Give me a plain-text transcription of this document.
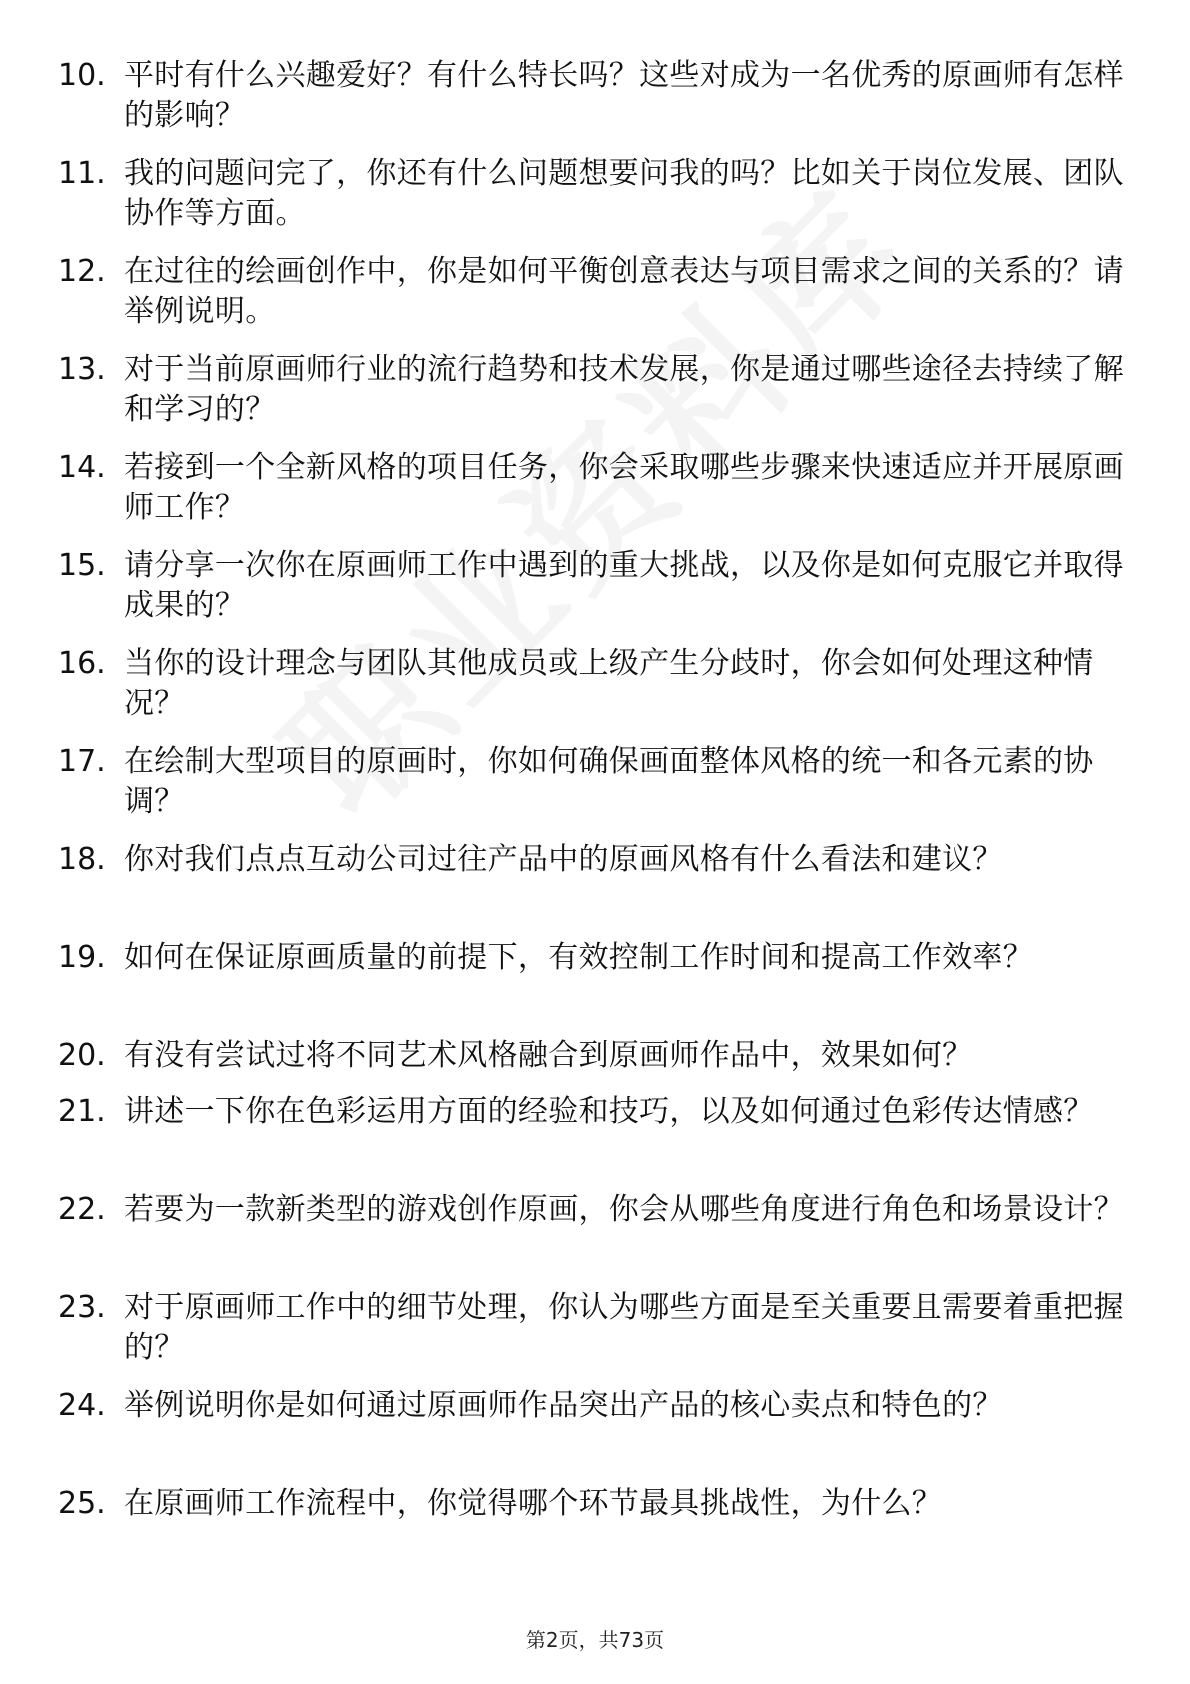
10. 平时有什么兴趣爱好？有什么特长吗？这些对成为一名优秀的原画师有怎样的影响？
11. 我的问题问完了，你还有什么问题想要问我的吗？比如关于岗位发展、团队协作等方面。
12. 在过往的绘画创作中，你是如何平衡创意表达与项目需求之间的关系的？请举例说明。
13. 对于当前原画师行业的流行趋势和技术发展，你是通过哪些途径去持续了解和学习的？
14. 若接到一个全新风格的项目任务，你会采取哪些步骤来快速适应并开展原画师工作？
15. 请分享一次你在原画师工作中遇到的重大挑战，以及你是如何克服它并取得成果的？
16. 当你的设计理念与团队其他成员或上级产生分歧时，你会如何处理这种情况？
17. 在绘制大型项目的原画时，你如何确保画面整体风格的统一和各元素的协调？
18. 你对我们点点互动公司过往产品中的原画风格有什么看法和建议？
19. 如何在保证原画质量的前提下，有效控制工作时间和提高工作效率？
20. 有没有尝试过将不同艺术风格融合到原画师作品中，效果如何？
21. 讲述一下你在色彩运用方面的经验和技巧，以及如何通过色彩传达情感？
22. 若要为一款新类型的游戏创作原画，你会从哪些角度进行角色和场景设计？
23. 对于原画师工作中的细节处理，你认为哪些方面是至关重要且需要着重把握的？
24. 举例说明你是如何通过原画师作品突出产品的核心卖点和特色的？
25. 在原画师工作流程中，你觉得哪个环节最具挑战性，为什么？
第2页，共73页
